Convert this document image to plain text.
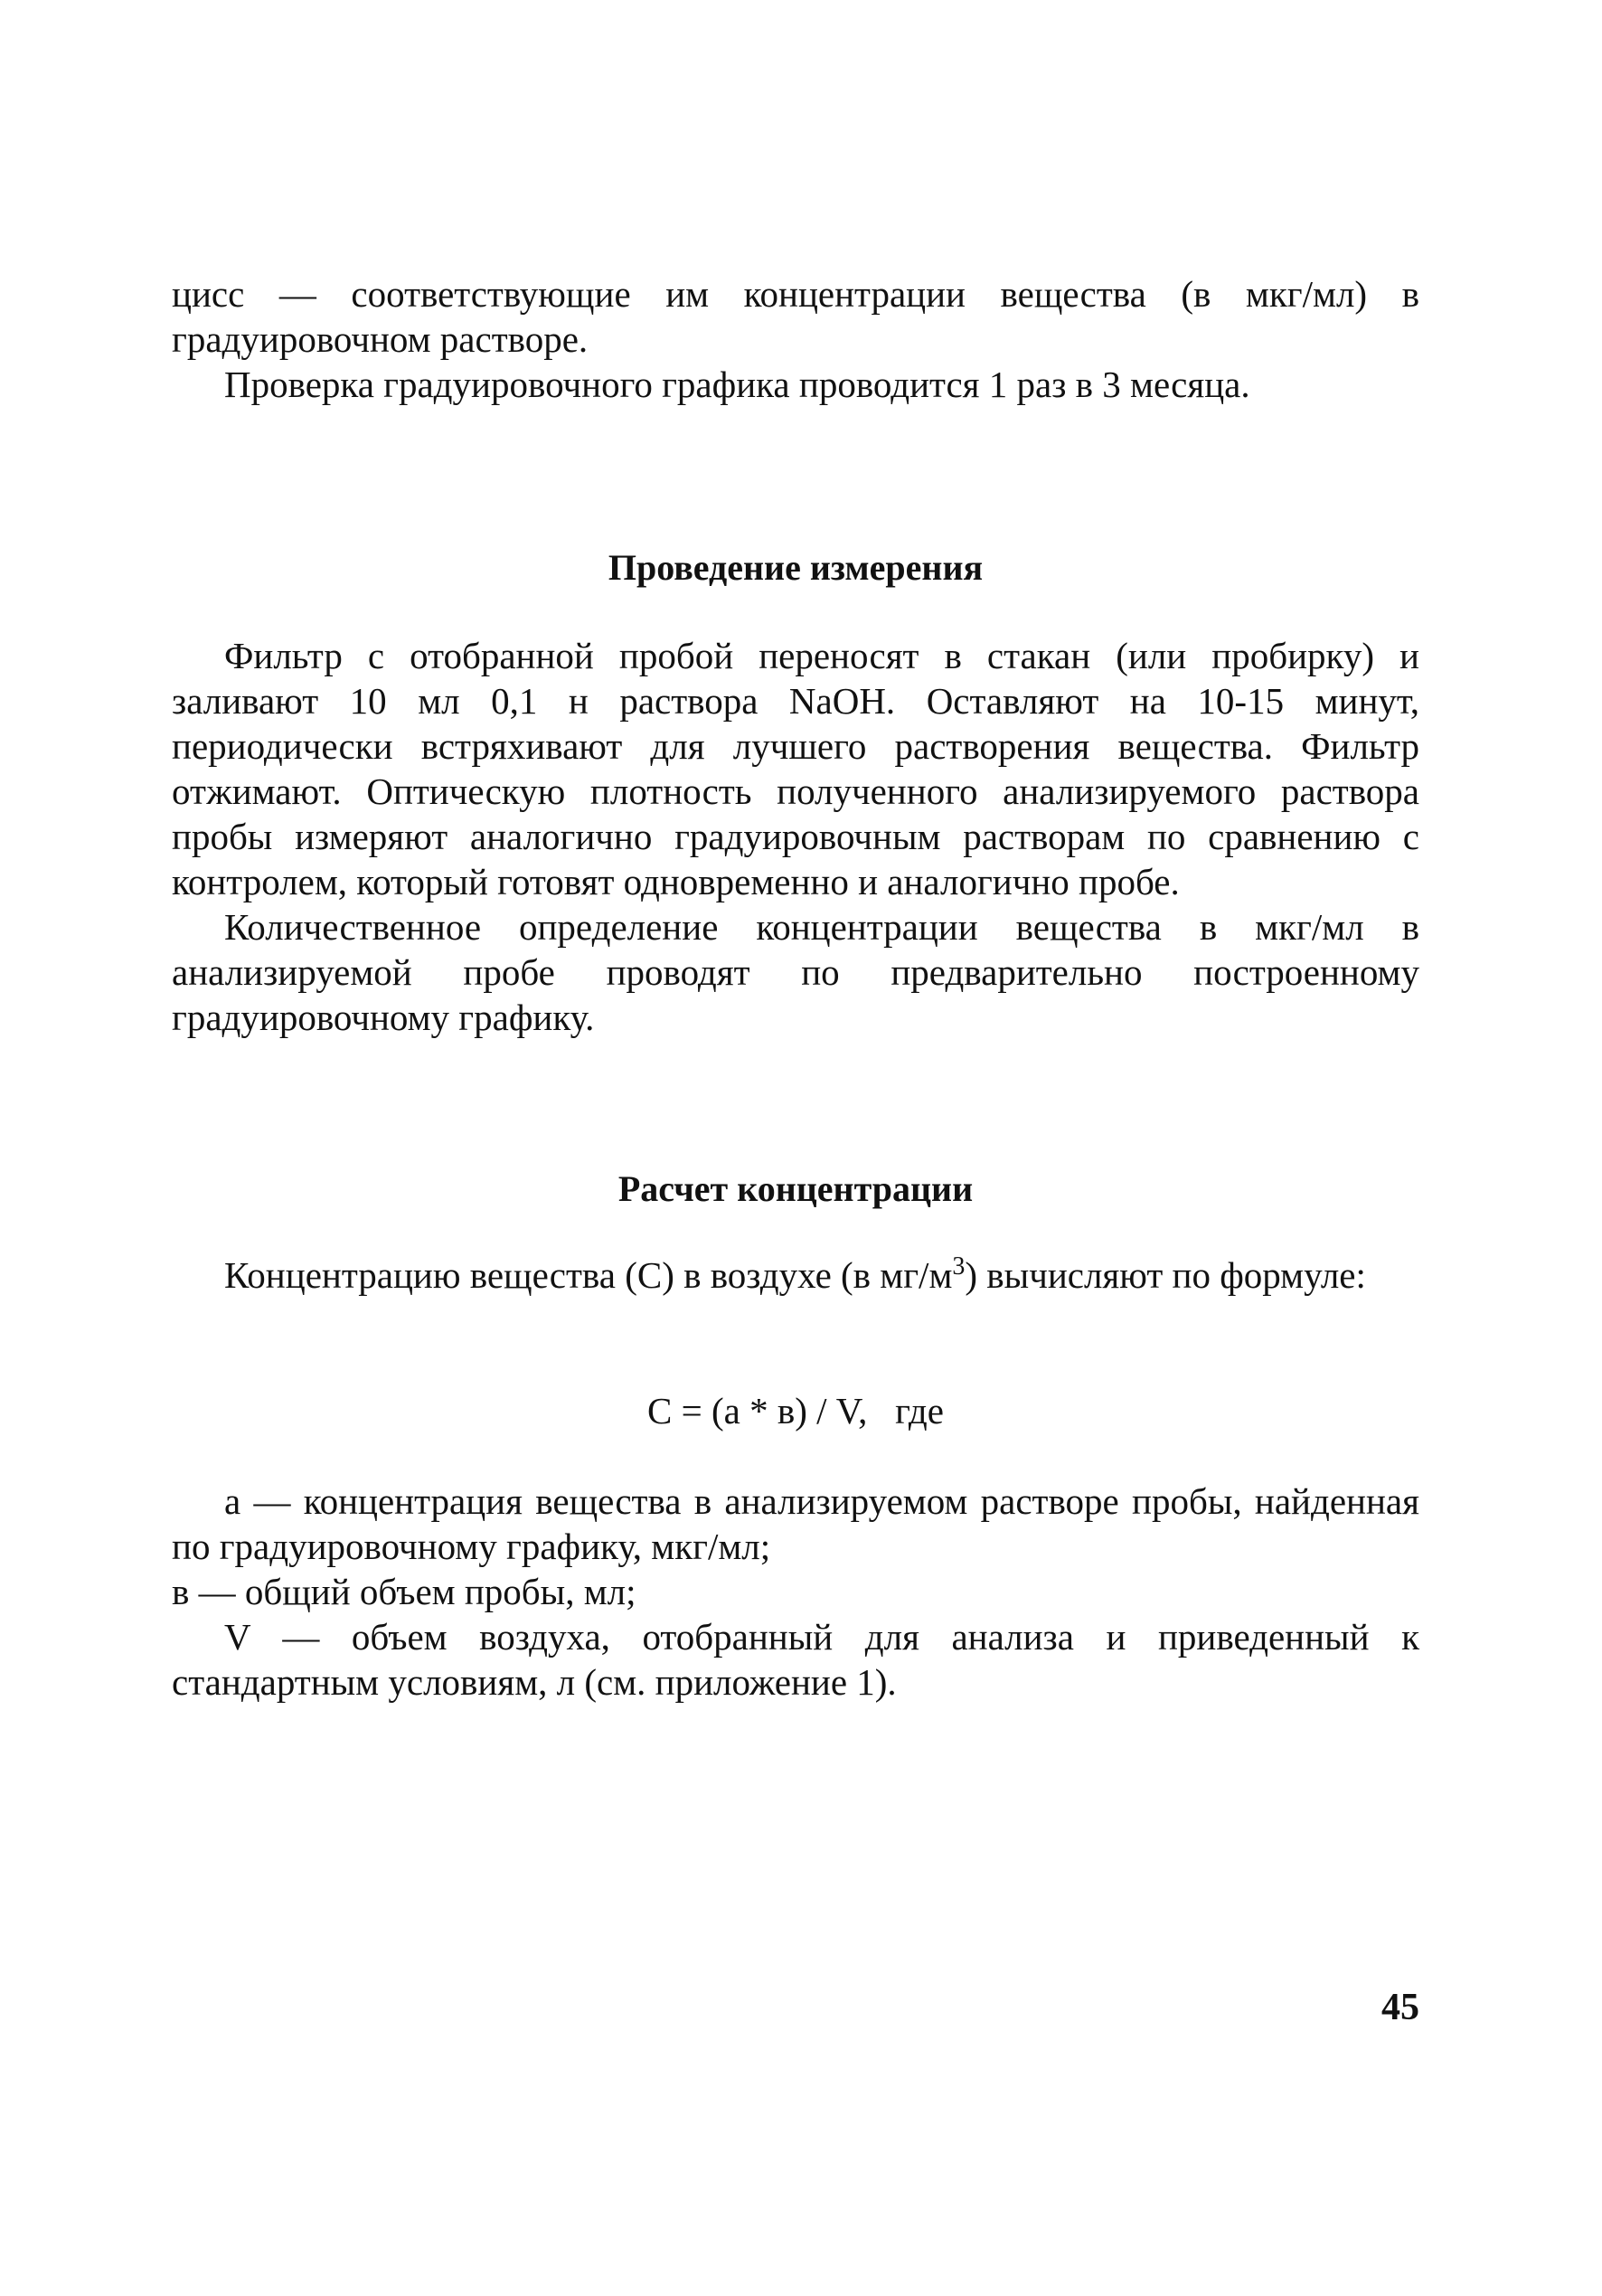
цисс — соответствующие им концентрации вещества (в мкг/мл) в градуировочном растворе.

Проверка градуировочного графика проводится 1 раз в 3 месяца.

Проведение измерения

Фильтр с отобранной пробой переносят в стакан (или пробирку) и заливают 10 мл 0,1 н раствора NaOH. Оставляют на 10-15 минут, периодически встряхивают для лучшего растворения вещества. Фильтр отжимают. Оптическую плотность полученного анализируемого раствора пробы измеряют аналогично градуировочным растворам по сравнению с контролем, который готовят одновременно и аналогично пробе.

Количественное определение концентрации вещества в мкг/мл в анализируемой пробе проводят по предварительно построенному градуировочному графику.

Расчет концентрации

Концентрацию вещества (С) в воздухе (в $мг/м^3$) вычисляют по формуле:

С = (а * в) / V,   где

а — концентрация вещества в анализируемом растворе пробы, найденная по градуировочному графику, мкг/мл;

в — общий объем пробы, мл;

V — объем воздуха, отобранный для анализа и приведенный к стандартным условиям, л (см. приложение 1).

45
